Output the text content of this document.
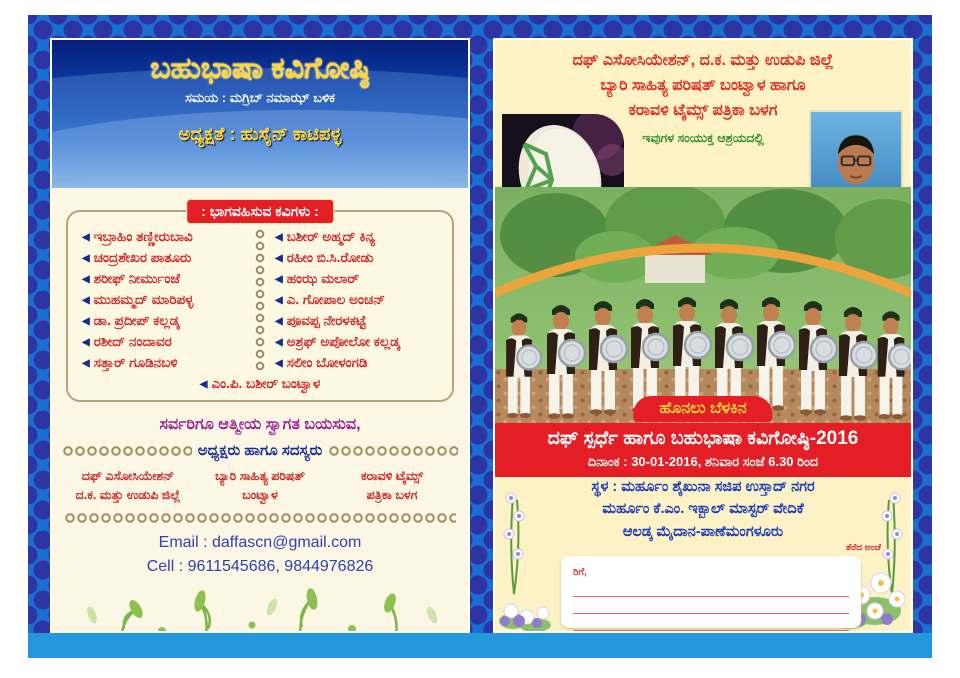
ಬಹುಭಾಷಾ ಕವಿಗೋಷ್ಠಿ
ಸಮಯ : ಮಗ್ರಿಬ್ ನಮಾಝ್ ಬಳಿಕ
ಅಧ್ಯಕ್ಷತೆ : ಹುಸೈನ್ ಕಾಟಿಪಳ್ಳ
: ಭಾಗವಹಿಸುವ ಕವಿಗಳು :
◀ ಇಬ್ರಾಹಿಂ ತಣ್ಣೀರುಬಾವಿ
◀ ಚಂದ್ರಶೇಖರ ಪಾತೂರು
◀ ಶರೀಫ್ ನೀರ್ಮುಂಜೆ
◀ ಮುಹಮ್ಮದ್ ಮಾರಿಪಳ್ಳ
◀ ಡಾ. ಪ್ರದೀಪ್ ಕಲ್ಲಡ್ಕ
◀ ರಶೀದ್ ನಂದಾವರ
◀ ಸತ್ತಾರ್ ಗೂಡಿನಬಳಿ
◀ ಬಶೀರ್ ಅಹ್ಮದ್ ಕಿನ್ಯ
◀ ರಹೀಂ ಬಿ.ಸಿ.ರೋಡು
◀ ಹಂಝ ಮಲಾರ್
◀ ಎ. ಗೋಪಾಲ ಅಂಚನ್
◀ ಪೂವಪ್ಪ ನೇರಳಕಟ್ಟೆ
◀ ಅಶ್ರಫ್ ಅಪೋಲೋ ಕಲ್ಲಡ್ಕ
◀ ಸಲೀಂ ಬೋಳಂಗಡಿ
◀ ಎಂ.ಪಿ. ಬಶೀರ್ ಬಂಟ್ವಾಳ
ಸರ್ವರಿಗೂ ಆತ್ಮೀಯ ಸ್ವಾಗತ ಬಯಸುವ,
ಅಧ್ಯಕ್ಷರು ಹಾಗೂ ಸದಸ್ಯರು
ದಫ್ ಎಸೋಸಿಯೇಶನ್
ದ.ಕ. ಮತ್ತು ಉಡುಪಿ ಜಿಲ್ಲೆ
ಬ್ಯಾರಿ ಸಾಹಿತ್ಯ ಪರಿಷತ್
ಬಂಟ್ವಾಳ
ಕರಾವಳಿ ಟೈಮ್ಸ್
ಪತ್ರಿಕಾ ಬಳಗ
Email : daffascn@gmail.com
Cell : 9611545686, 9844976826
ದಫ್ ಎಸೋಸಿಯೇಶನ್, ದ.ಕ. ಮತ್ತು ಉಡುಪಿ ಜಿಲ್ಲೆ
ಬ್ಯಾರಿ ಸಾಹಿತ್ಯ ಪರಿಷತ್ ಬಂಟ್ವಾಳ ಹಾಗೂ
ಕರಾವಳಿ ಟೈಮ್ಸ್ ಪತ್ರಿಕಾ ಬಳಗ
ಇವುಗಳ ಸಂಯುಕ್ತ ಆಶ್ರಯದಲ್ಲಿ
ಹೊನಲು ಬೆಳಕಿನ
ದಫ್ ಸ್ಪರ್ಧೆ ಹಾಗೂ ಬಹುಭಾಷಾ ಕವಿಗೋಷ್ಠಿ-2016
ದಿನಾಂಕ : 30-01-2016, ಶನಿವಾರ ಸಂಜೆ 6.30 ರಿಂದ
ಸ್ಥಳ : ಮರ್ಹೂಂ ಶೈಖುನಾ ಸಜಿಪ ಉಸ್ತಾದ್ ನಗರ
ಮರ್ಹೂಂ ಕೆ.ಎಂ. ಇಕ್ಬಾಲ್ ಮಾಸ್ಟರ್ ವೇದಿಕೆ
ಆಲಡ್ಕ ಮೈದಾನ-ಪಾಣೆಮಂಗಳೂರು
ತೆರೆದ ಅಂಚೆ
ರಿಗೆ,
